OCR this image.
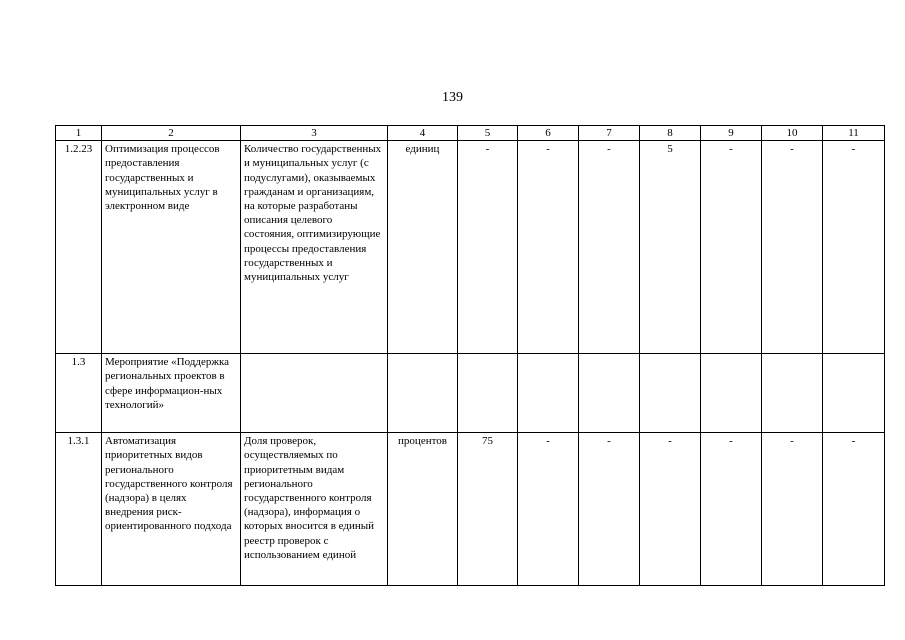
139
1	2	3	4	5	6	7	8	9	10	11
1.2.23	Оптимизация процессов предоставления государственных и муниципальных услуг в электронном виде	Количество государственных и муниципальных услуг (с подуслугами), оказываемых гражданам и организациям, на которые разработаны описания целевого состояния, оптимизирующие процессы предоставления государственных и муниципальных услуг	единиц	-	-	-	5	-	-	-
1.3	Мероприятие «Поддержка региональных проектов в сфере информацион-ных технологий»									
1.3.1	Автоматизация приоритетных видов регионального государственного контроля (надзора) в целях внедрения риск-ориентированного подхода	Доля проверок, осуществляемых по приоритетным видам регионального государственного контроля (надзора), информация о которых вносится в единый реестр проверок с использованием единой	процентов	75	-	-	-	-	-	-
